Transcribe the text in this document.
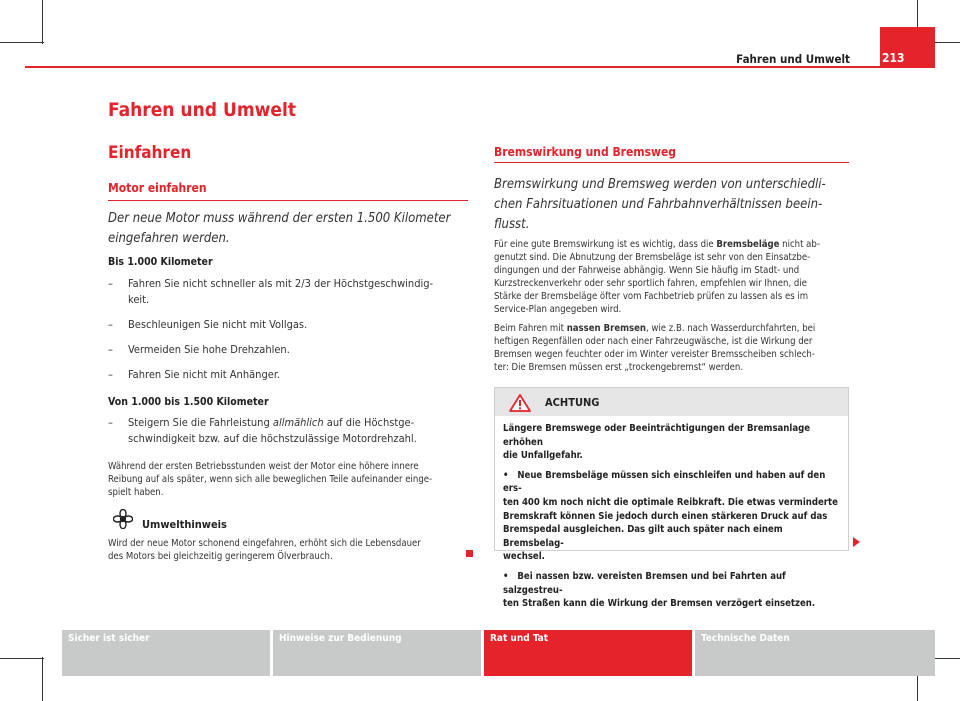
Fahren und Umwelt	213
Fahren und Umwelt
Einfahren
Motor einfahren
Der neue Motor muss während der ersten 1.500 Kilometer
eingefahren werden.
Bis 1.000 Kilometer
– Fahren Sie nicht schneller als mit 2/3 der Höchstgeschwindig-
keit.
– Beschleunigen Sie nicht mit Vollgas.
– Vermeiden Sie hohe Drehzahlen.
– Fahren Sie nicht mit Anhänger.
Von 1.000 bis 1.500 Kilometer
– Steigern Sie die Fahrleistung allmählich auf die Höchstge-
schwindigkeit bzw. auf die höchstzulässige Motordrehzahl.
Während der ersten Betriebsstunden weist der Motor eine höhere innere
Reibung auf als später, wenn sich alle beweglichen Teile aufeinander einge-
spielt haben.
Umwelthinweis
Wird der neue Motor schonend eingefahren, erhöht sich die Lebensdauer
des Motors bei gleichzeitig geringerem Ölverbrauch.
Bremswirkung und Bremsweg
Bremswirkung und Bremsweg werden von unterschiedli-
chen Fahrsituationen und Fahrbahnverhältnissen beein-
flusst.
Für eine gute Bremswirkung ist es wichtig, dass die Bremsbeläge nicht ab-
genutzt sind. Die Abnutzung der Bremsbeläge ist sehr von den Einsatzbe-
dingungen und der Fahrweise abhängig. Wenn Sie häufig im Stadt- und
Kurzstreckenverkehr oder sehr sportlich fahren, empfehlen wir Ihnen, die
Stärke der Bremsbeläge öfter vom Fachbetrieb prüfen zu lassen als es im
Service-Plan angegeben wird.
Beim Fahren mit nassen Bremsen, wie z.B. nach Wasserdurchfahrten, bei
heftigen Regenfällen oder nach einer Fahrzeugwäsche, ist die Wirkung der
Bremsen wegen feuchter oder im Winter vereister Bremsscheiben schlech-
ter: Die Bremsen müssen erst „trockengebremst“ werden.
ACHTUNG
Längere Bremswege oder Beeinträchtigungen der Bremsanlage erhöhen
die Unfallgefahr.
• Neue Bremsbeläge müssen sich einschleifen und haben auf den ers-
ten 400 km noch nicht die optimale Reibkraft. Die etwas verminderte
Bremskraft können Sie jedoch durch einen stärkeren Druck auf das
Bremspedal ausgleichen. Das gilt auch später nach einem Bremsbelag-
wechsel.
• Bei nassen bzw. vereisten Bremsen und bei Fahrten auf salzgestreu-
ten Straßen kann die Wirkung der Bremsen verzögert einsetzen.
Sicher ist sicher	Hinweise zur Bedienung	Rat und Tat	Technische Daten
